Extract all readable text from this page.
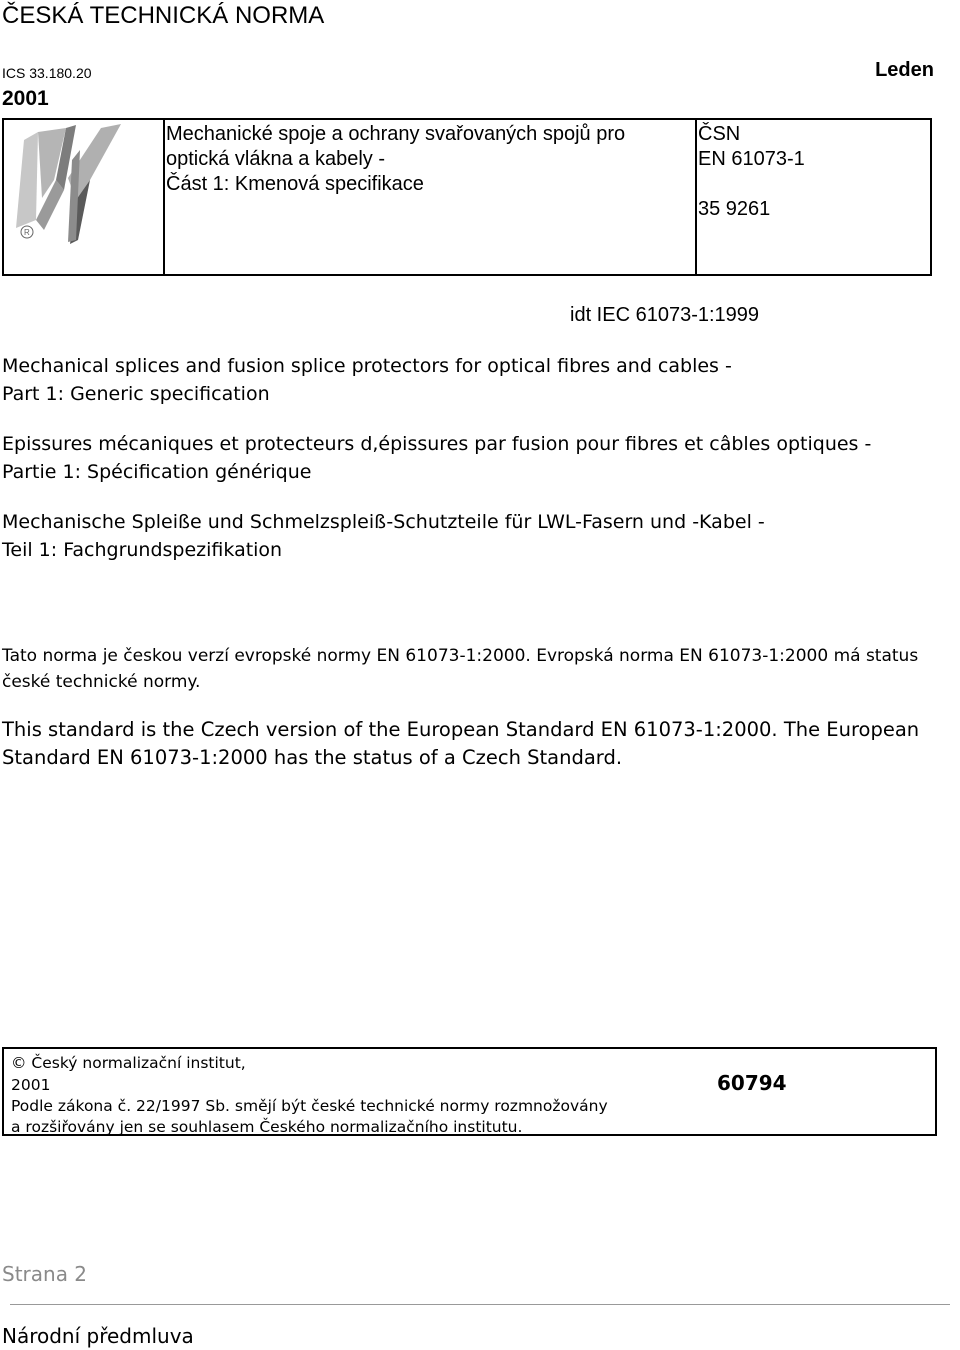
ČESKÁ TECHNICKÁ NORMA
ICS 33.180.20	Leden
2001
R
Mechanické spoje a ochrany svařovaných spojů pro
optická vlákna a kabely -
Část 1: Kmenová specifikace
ČSN
EN 61073-1
35 9261
idt IEC 61073-1:1999
Mechanical splices and fusion splice protectors for optical fibres and cables -
Part 1: Generic specification
Epissures mécaniques et protecteurs d,épissures par fusion pour fibres et câbles optiques -
Partie 1: Spécification générique
Mechanische Spleiße und Schmelzspleiß-Schutzteile für LWL-Fasern und -Kabel -
Teil 1: Fachgrundspezifikation
Tato norma je českou verzí evropské normy EN 61073-1:2000. Evropská norma EN 61073-1:2000 má status české technické normy.
This standard is the Czech version of the European Standard EN 61073-1:2000. The European Standard EN 61073-1:2000 has the status of a Czech Standard.
© Český normalizační institut,
2001
Podle zákona č. 22/1997 Sb. smějí být české technické normy rozmnožovány
a rozšiřovány jen se souhlasem Českého normalizačního institutu.
60794
Strana 2
Národní předmluva
